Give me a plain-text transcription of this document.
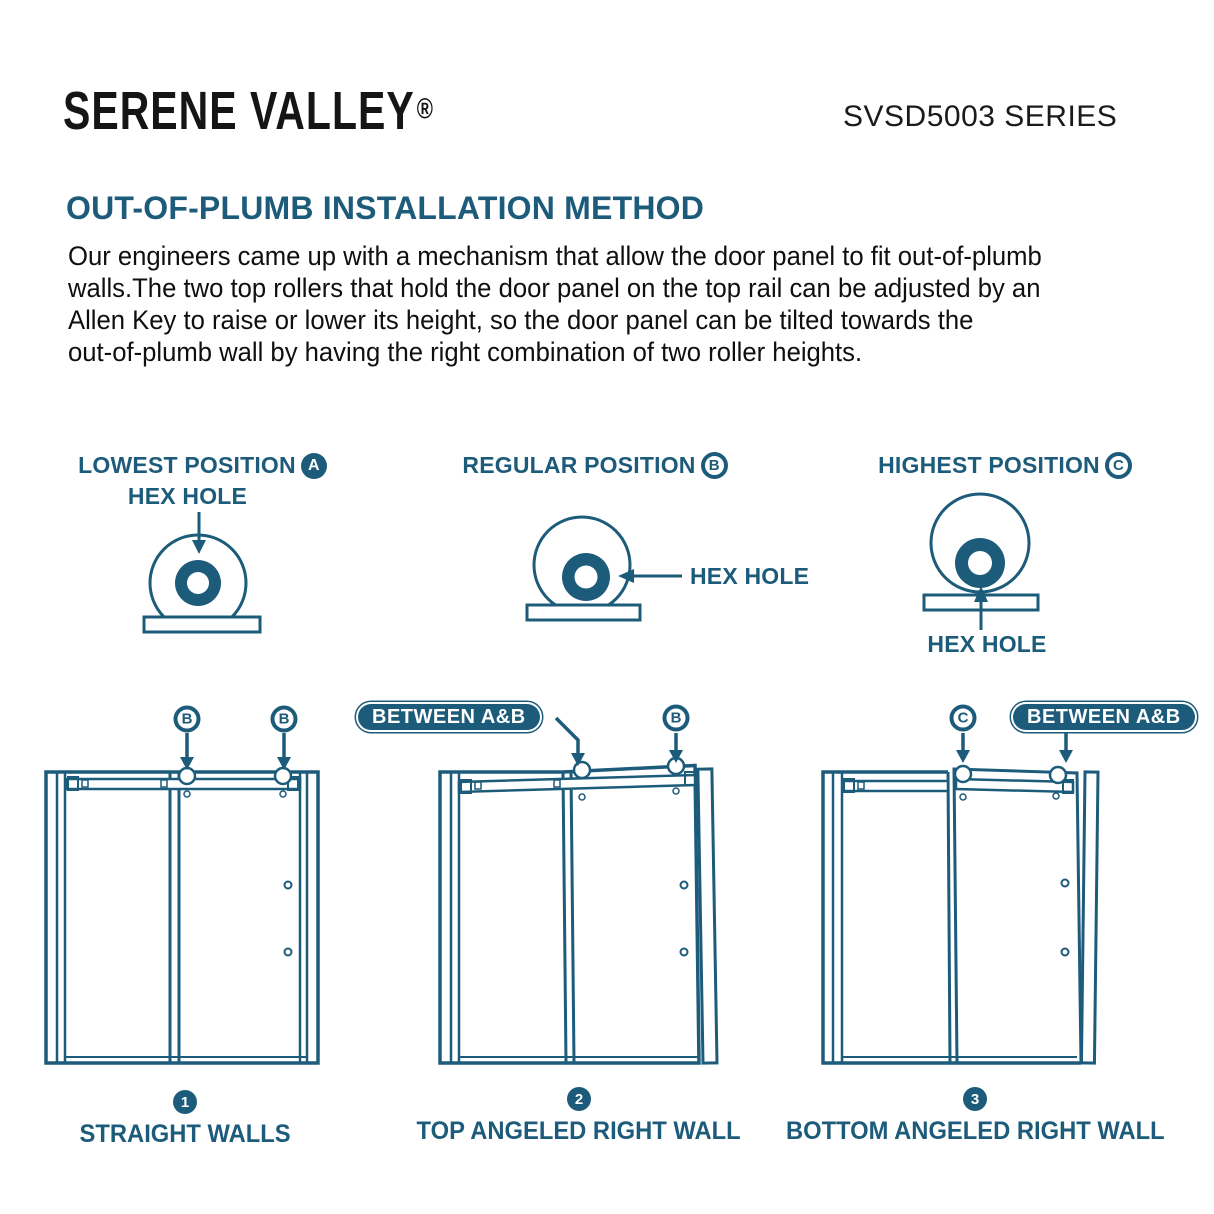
SERENE VALLEY®	SVSD5003 SERIES
OUT-OF-PLUMB INSTALLATION METHOD
Our engineers came up with a mechanism that allow the door panel to fit out-of-plumb
walls.The two top rollers that hold the door panel on the top rail can be adjusted by an
Allen Key to raise or lower its height, so the door panel can be tilted towards the
out-of-plumb wall by having the right combination of two roller heights.
LOWEST POSITION A
HEX HOLE
REGULAR POSITION B
HEX HOLE
HIGHEST POSITION C
HEX HOLE
B	B	BETWEEN A&B	B	C	BETWEEN A&B
1
STRAIGHT WALLS
2
TOP ANGELED RIGHT WALL
3
BOTTOM ANGELED RIGHT WALL
